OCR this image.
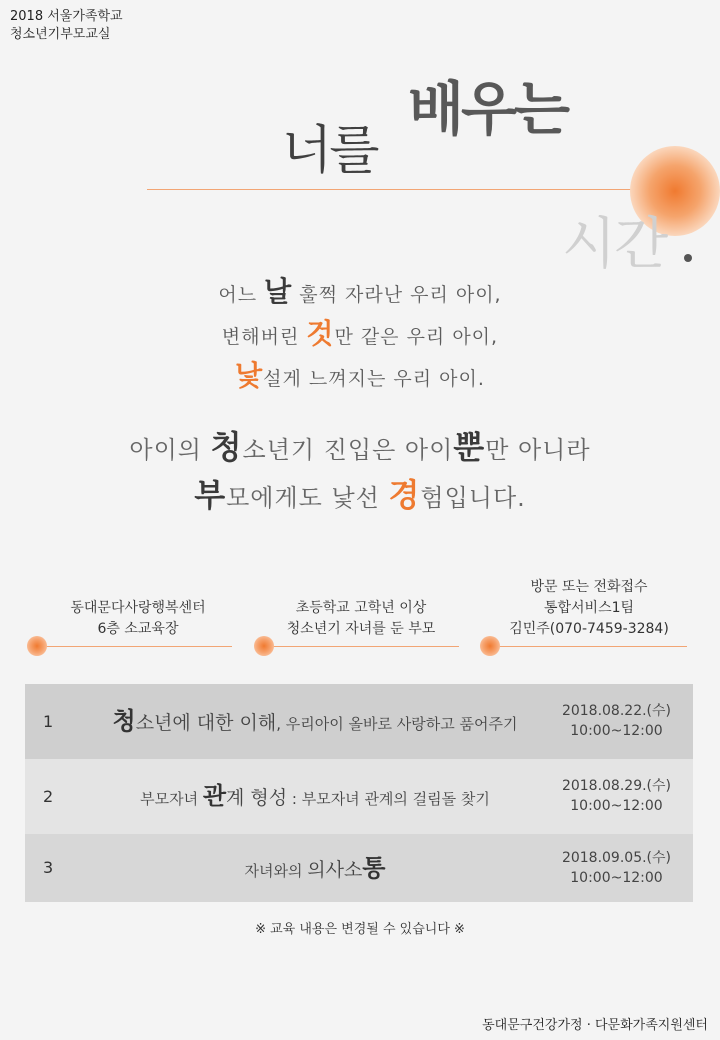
2018 서울가족학교
청소년기부모교실
너를
배우는
시간
어느 날 훌쩍 자라난 우리 아이,
변해버린 것만 같은 우리 아이,
낯설게 느껴지는 우리 아이.
아이의 청소년기 진입은 아이뿐만 아니라
부모에게도 낯선 경험입니다.
동대문다사랑행복센터
6층 소교육장
초등학교 고학년 이상
청소년기 자녀를 둔 부모
방문 또는 전화접수
통합서비스1팀
김민주(070-7459-3284)
1	청소년에 대한 이해, 우리아이 올바로 사랑하고 품어주기
2018.08.22.(수)
10:00~12:00
2	부모자녀 관계 형성 : 부모자녀 관계의 걸림돌 찾기
2018.08.29.(수)
10:00~12:00
3	자녀와의 의사소통	2018.09.05.(수)
10:00~12:00
※ 교육 내용은 변경될 수 있습니다 ※
동대문구건강가정 · 다문화가족지원센터
